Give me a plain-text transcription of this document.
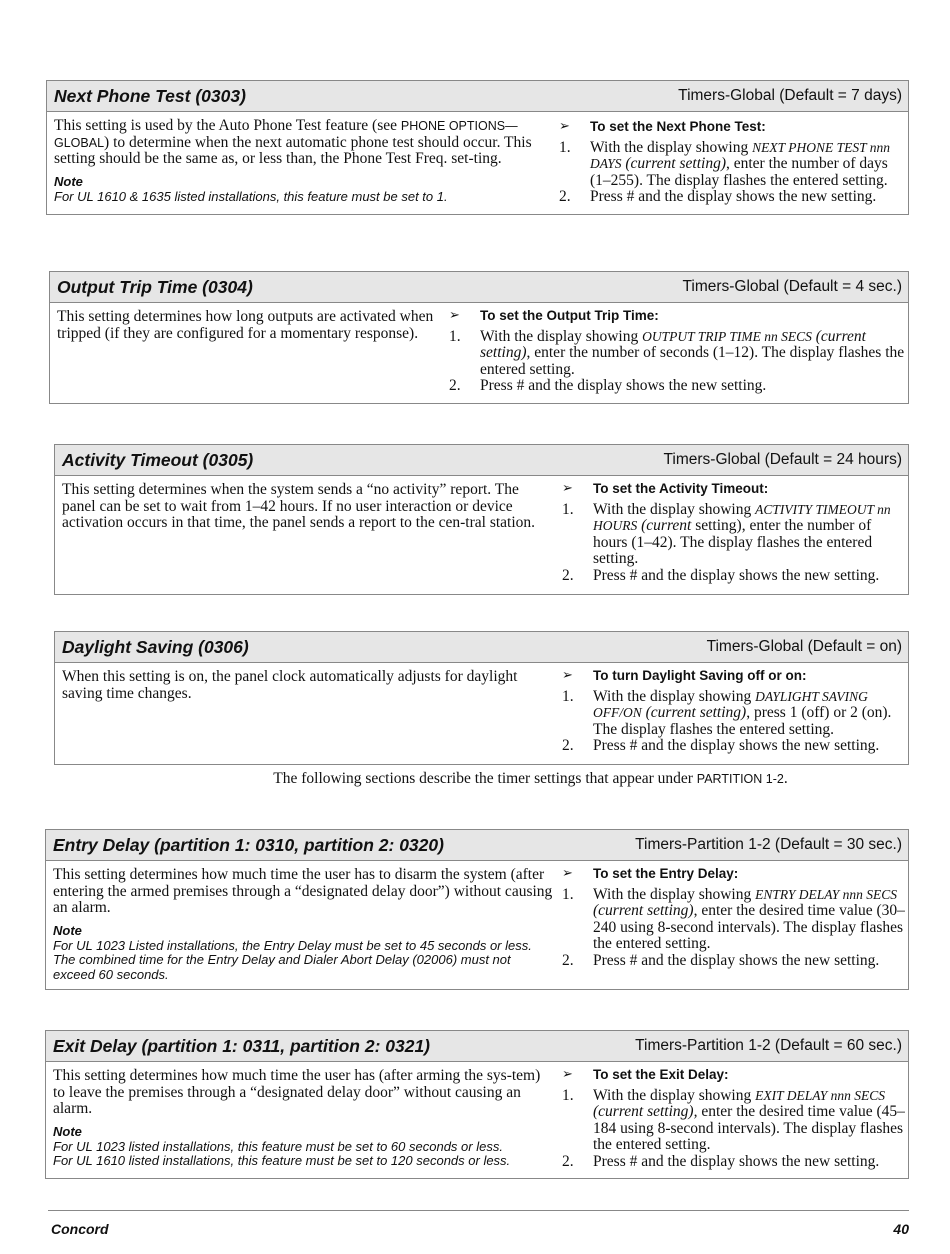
Next Phone Test (0303)	Timers-Global (Default = 7 days)
This setting is used by the Auto Phone Test feature (see PHONE OPTIONS—GLOBAL) to determine when the next automatic phone test should occur. This setting should be the same as, or less than, the Phone Test Freq. set-ting.
Note
For UL 1610 & 1635 listed installations, this feature must be set to 1.
➢	To set the Next Phone Test:
1.	With the display showing NEXT PHONE TEST nnn DAYS (current setting), enter the number of days (1–255). The display flashes the entered setting.
2.	Press # and the display shows the new setting.
Output Trip Time (0304)	Timers-Global (Default = 4 sec.)
This setting determines how long outputs are activated when tripped (if they are configured for a momentary response).
➢	To set the Output Trip Time:
1.	With the display showing OUTPUT TRIP TIME nn SECS (current setting), enter the number of seconds (1–12). The display flashes the entered setting.
2.	Press # and the display shows the new setting.
Activity Timeout (0305)	Timers-Global (Default = 24 hours)
This setting determines when the system sends a “no activity” report. The panel can be set to wait from 1–42 hours. If no user interaction or device activation occurs in that time, the panel sends a report to the cen-tral station.
➢	To set the Activity Timeout:
1.	With the display showing ACTIVITY TIMEOUT nn HOURS (current setting), enter the number of hours (1–42). The display flashes the entered setting.
2.	Press # and the display shows the new setting.
Daylight Saving (0306)	Timers-Global (Default = on)
When this setting is on, the panel clock automatically adjusts for daylight saving time changes.
➢	To turn Daylight Saving off or on:
1.	With the display showing DAYLIGHT SAVING OFF/ON (current setting), press 1 (off) or 2 (on). The display flashes the entered setting.
2.	Press # and the display shows the new setting.
The following sections describe the timer settings that appear under PARTITION 1-2.
Entry Delay (partition 1: 0310, partition 2: 0320)	Timers-Partition 1-2 (Default = 30 sec.)
This setting determines how much time the user has to disarm the system (after entering the armed premises through a “designated delay door”) without causing an alarm.
Note
For UL 1023 Listed installations, the Entry Delay must be set to 45 seconds or less. The combined time for the Entry Delay and Dialer Abort Delay (02006) must not exceed 60 seconds.
➢	To set the Entry Delay:
1.	With the display showing ENTRY DELAY nnn SECS (current setting), enter the desired time value (30–240 using 8-second intervals). The display flashes the entered setting.
2.	Press # and the display shows the new setting.
Exit Delay (partition 1: 0311, partition 2: 0321)	Timers-Partition 1-2 (Default = 60 sec.)
This setting determines how much time the user has (after arming the sys-tem) to leave the premises through a “designated delay door” without causing an alarm.
Note
For UL 1023 listed installations, this feature must be set to 60 seconds or less.
For UL 1610 listed installations, this feature must be set to 120 seconds or less.
➢	To set the Exit Delay:
1.	With the display showing EXIT DELAY nnn SECS (current setting), enter the desired time value (45–184 using 8-second intervals). The display flashes the entered setting.
2.	Press # and the display shows the new setting.
Concord	40
